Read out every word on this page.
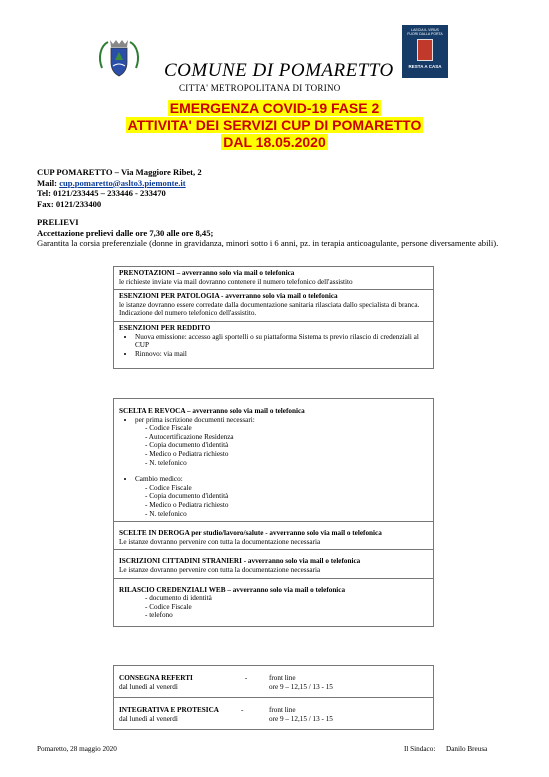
LASCIA IL VIRUS
FUORI DALLA PORTA
RESTA A CASA
COMUNE DI POMARETTO
CITTA' METROPOLITANA DI TORINO
EMERGENZA COVID-19 FASE 2
ATTIVITA' DEI SERVIZI CUP DI POMARETTO
DAL 18.05.2020
CUP POMARETTO – Via Maggiore Ribet, 2
Mail: cup.pomaretto@aslto3.piemonte.it
Tel: 0121/233445 – 233446 - 233470
Fax: 0121/233400
PRELIEVI
Accettazione prelievi dalle ore 7,30 alle ore 8,45;
Garantita la corsia preferenziale (donne in gravidanza, minori sotto i 6 anni, pz. in terapia anticoagulante, persone diversamente abili).
PRENOTAZIONI – avverranno solo via mail o telefonica
le richieste inviate via mail dovranno contenere il numero telefonico dell'assistito
ESENZIONI PER PATOLOGIA - avverranno solo via mail o telefonica
le istanze dovranno essere corredate dalla documentazione sanitaria rilasciata dallo specialista di branca. Indicazione del numero telefonico dell'assistito.
ESENZIONI PER REDDITO
• Nuova emissione: accesso agli sportelli o su piattaforma Sistema ts previo rilascio di credenziali al CUP
• Rinnovo: via mail
SCELTA E REVOCA – avverranno solo via mail o telefonica
• per prima iscrizione documenti necessari:
- Codice Fiscale
- Autocertificazione Residenza
- Copia documento d'identità
- Medico o Pediatra richiesto
- N. telefonico
• Cambio medico:
- Codice Fiscale
- Copia documento d'identità
- Medico o Pediatra richiesto
- N. telefonico
SCELTE IN DEROGA per studio/lavoro/salute - avverranno solo via mail o telefonica
Le istanze dovranno pervenire con tutta la documentazione necessaria
ISCRIZIONI CITTADINI STRANIERI - avverranno solo via mail o telefonica
Le istanze dovranno pervenire con tutta la documentazione necessaria
RILASCIO CREDENZIALI WEB – avverranno solo via mail o telefonica
- documento di identità
- Codice Fiscale
- telefono
CONSEGNA REFERTI	-	front line
dal lunedì al venerdì	ore 9 – 12,15 / 13 - 15
INTEGRATIVA E PROTESICA	-	front line
dal lunedì al venerdì	ore 9 – 12,15 / 13 - 15
Pomaretto, 28 maggio 2020	Il Sindaco: Danilo Breusa
